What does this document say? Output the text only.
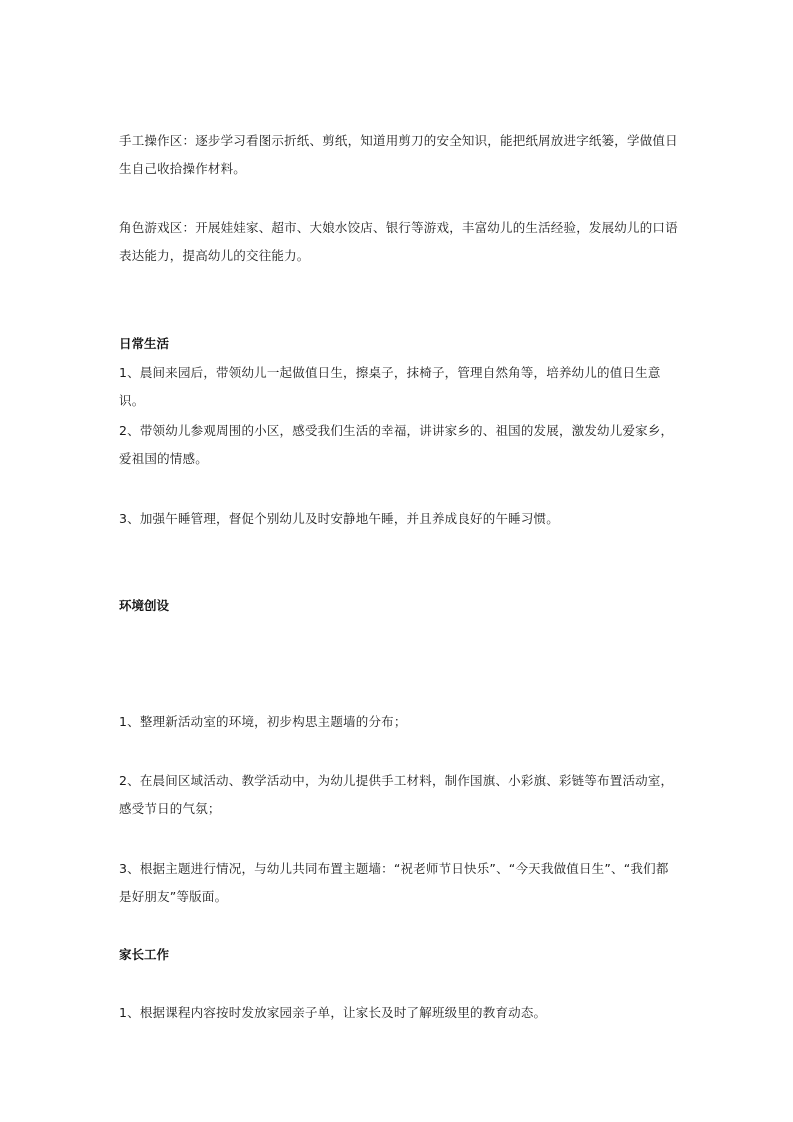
手工操作区：逐步学习看图示折纸、剪纸，知道用剪刀的安全知识，能把纸屑放进字纸篓，学做值日生自己收拾操作材料。

角色游戏区：开展娃娃家、超市、大娘水饺店、银行等游戏，丰富幼儿的生活经验，发展幼儿的口语表达能力，提高幼儿的交往能力。

日常生活

1、晨间来园后，带领幼儿一起做值日生，擦桌子，抹椅子，管理自然角等，培养幼儿的值日生意识。

2、带领幼儿参观周围的小区，感受我们生活的幸福，讲讲家乡的、祖国的发展，激发幼儿爱家乡，爱祖国的情感。

3、加强午睡管理，督促个别幼儿及时安静地午睡，并且养成良好的午睡习惯。

环境创设

1、整理新活动室的环境，初步构思主题墙的分布；

2、在晨间区域活动、教学活动中，为幼儿提供手工材料，制作国旗、小彩旗、彩链等布置活动室，感受节日的气氛；

3、根据主题进行情况，与幼儿共同布置主题墙：“祝老师节日快乐”、“今天我做值日生”、“我们都是好朋友”等版面。

家长工作

1、根据课程内容按时发放家园亲子单，让家长及时了解班级里的教育动态。
